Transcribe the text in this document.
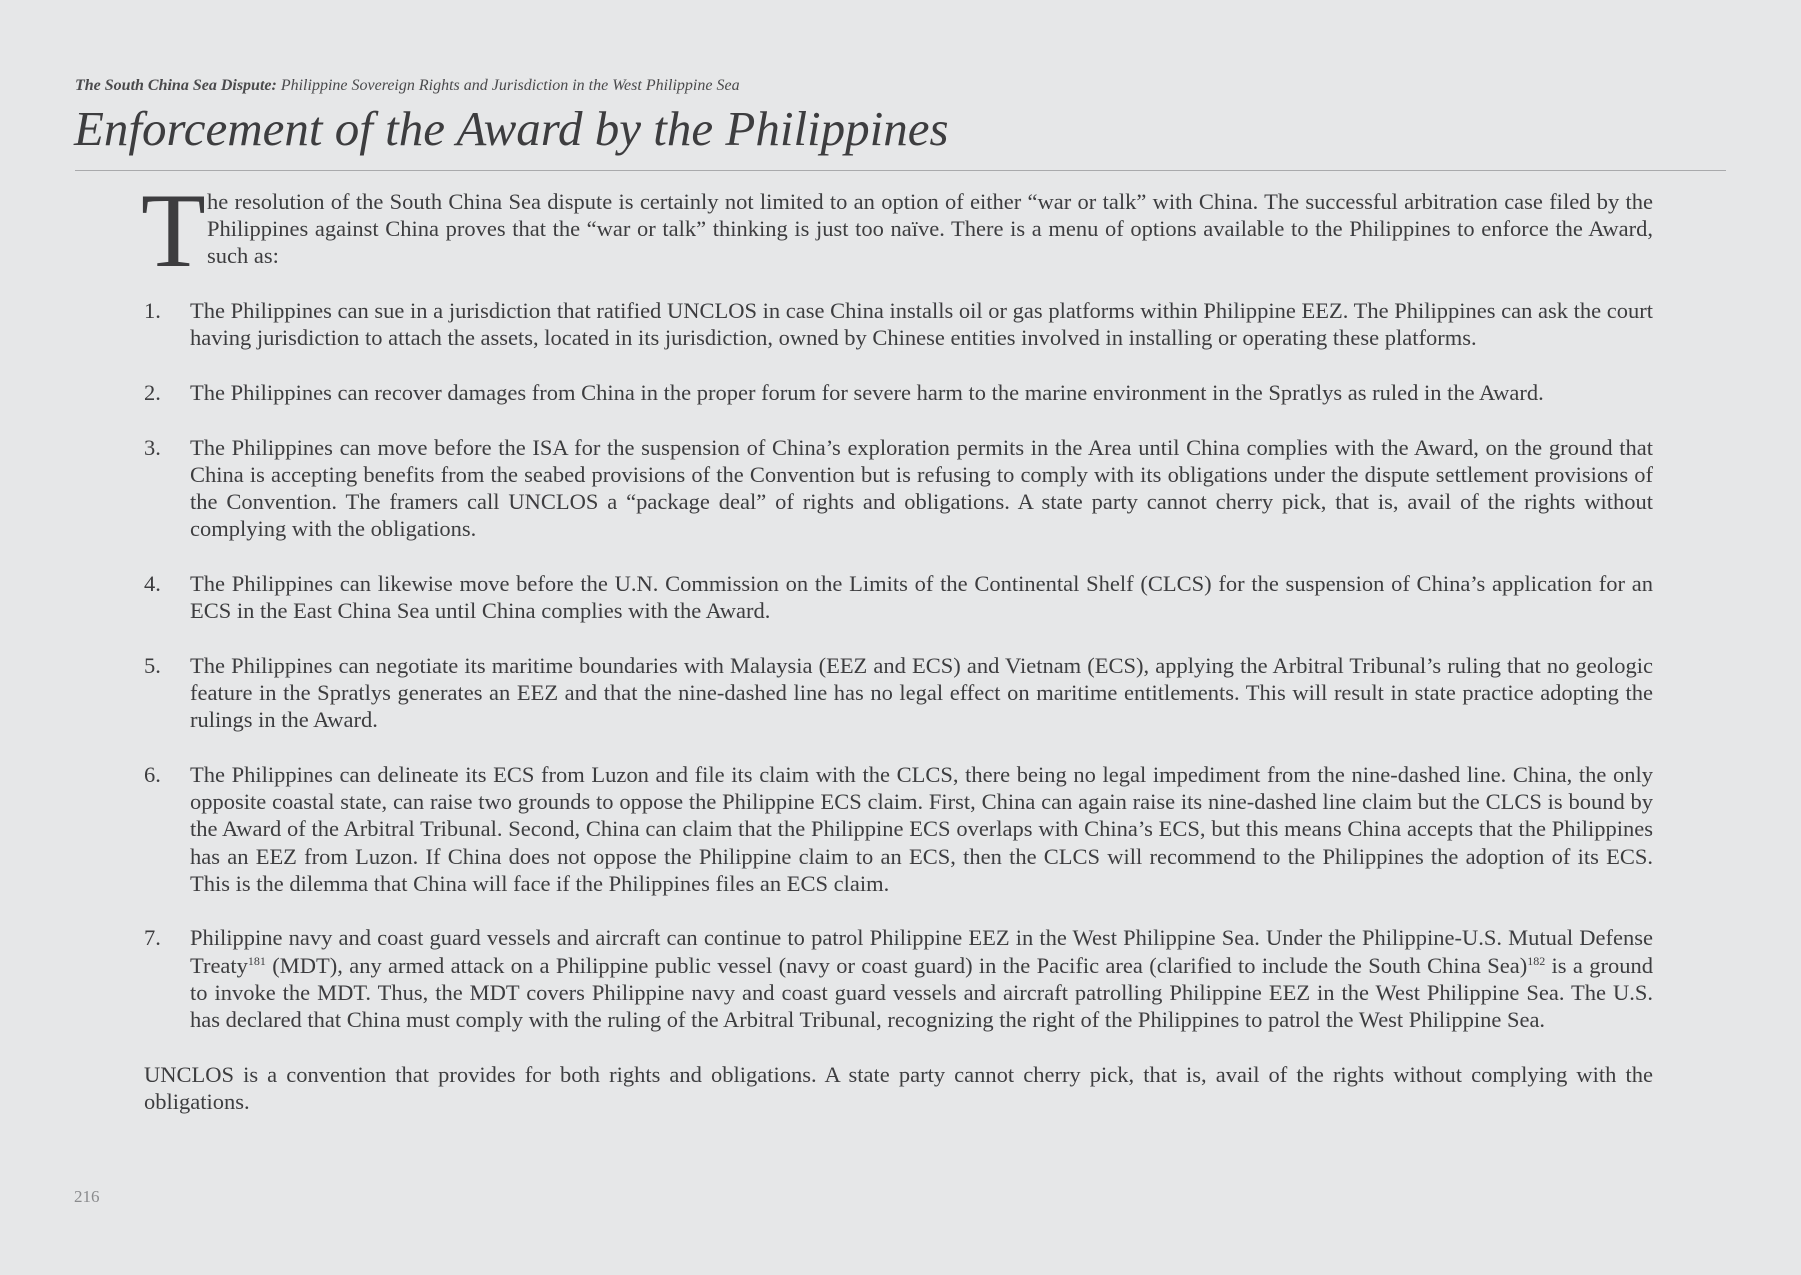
The South China Sea Dispute: Philippine Sovereign Rights and Jurisdiction in the West Philippine Sea
Enforcement of the Award by the Philippines

T he resolution of the South China Sea dispute is certainly not limited to an option of either “war or talk” with China. The successful arbitration case filed by the Philippines against China proves that the “war or talk” thinking is just too naïve. There is a menu of options available to the Philippines to enforce the Award, such as:

1. The Philippines can sue in a jurisdiction that ratified UNCLOS in case China installs oil or gas platforms within Philippine EEZ. The Philippines can ask the court having jurisdiction to attach the assets, located in its jurisdiction, owned by Chinese entities involved in installing or operating these platforms.
2. The Philippines can recover damages from China in the proper forum for severe harm to the marine environment in the Spratlys as ruled in the Award.
3. The Philippines can move before the ISA for the suspension of China’s exploration permits in the Area until China complies with the Award, on the ground that China is accepting benefits from the seabed provisions of the Convention but is refusing to comply with its obligations under the dispute settlement provisions of the Convention. The framers call UNCLOS a “package deal” of rights and obligations. A state party cannot cherry pick, that is, avail of the rights without complying with the obligations.
4. The Philippines can likewise move before the U.N. Commission on the Limits of the Continental Shelf (CLCS) for the suspension of China’s application for an ECS in the East China Sea until China complies with the Award.
5. The Philippines can negotiate its maritime boundaries with Malaysia (EEZ and ECS) and Vietnam (ECS), applying the Arbitral Tribunal’s ruling that no geologic feature in the Spratlys generates an EEZ and that the nine-dashed line has no legal effect on maritime entitlements. This will result in state practice adopting the rulings in the Award.
6. The Philippines can delineate its ECS from Luzon and file its claim with the CLCS, there being no legal impediment from the nine-dashed line. China, the only opposite coastal state, can raise two grounds to oppose the Philippine ECS claim. First, China can again raise its nine-dashed line claim but the CLCS is bound by the Award of the Arbitral Tribunal. Second, China can claim that the Philippine ECS overlaps with China’s ECS, but this means China accepts that the Philippines has an EEZ from Luzon. If China does not oppose the Philippine claim to an ECS, then the CLCS will recommend to the Philippines the adoption of its ECS. This is the dilemma that China will face if the Philippines files an ECS claim.
7. Philippine navy and coast guard vessels and aircraft can continue to patrol Philippine EEZ in the West Philippine Sea. Under the Philippine-U.S. Mutual Defense Treaty$^{181}$ (MDT), any armed attack on a Philippine public vessel (navy or coast guard) in the Pacific area (clarified to include the South China Sea)$^{182}$ is a ground to invoke the MDT. Thus, the MDT covers Philippine navy and coast guard vessels and aircraft patrolling Philippine EEZ in the West Philippine Sea. The U.S. has declared that China must comply with the ruling of the Arbitral Tribunal, recognizing the right of the Philippines to patrol the West Philippine Sea.

UNCLOS is a convention that provides for both rights and obligations. A state party cannot cherry pick, that is, avail of the rights without complying with the obligations.

216
